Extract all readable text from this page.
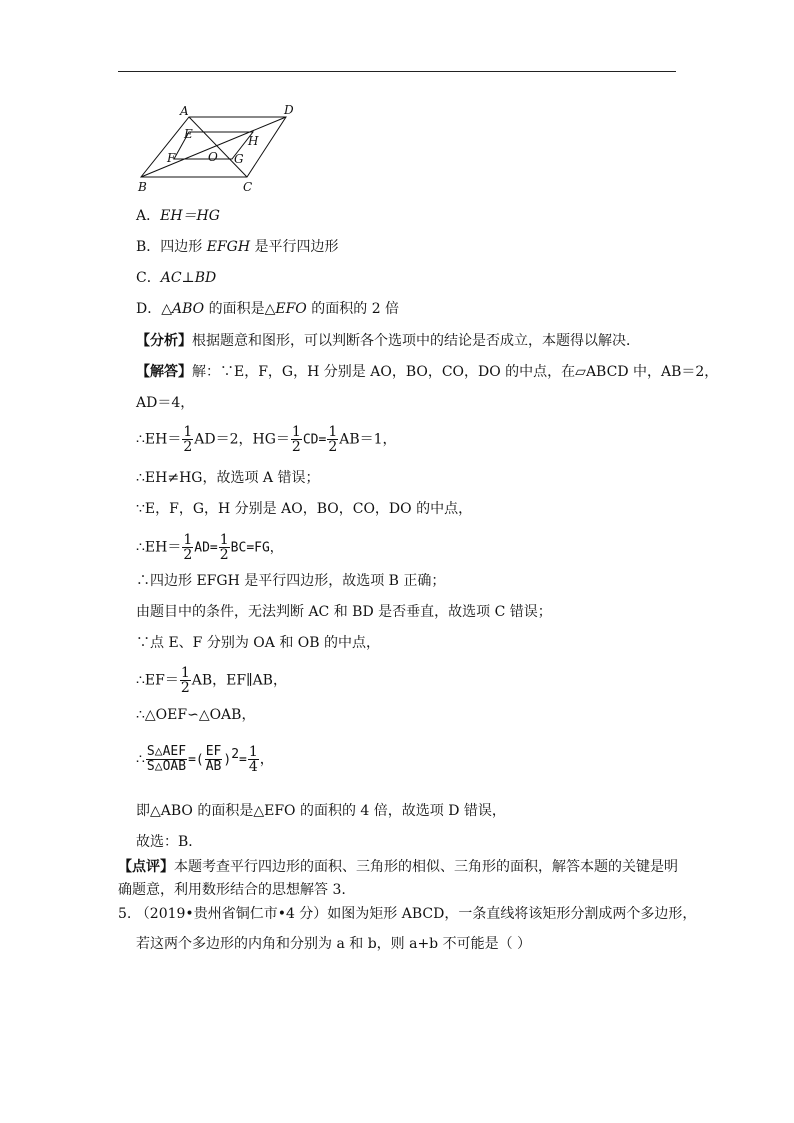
A	D
E	H
F	O G
B	C
A．EH＝HG
B．四边形 EFGH 是平行四边形
C．AC⊥BD
D．△ABO 的面积是△EFO 的面积的 2 倍
【分析】根据题意和图形，可以判断各个选项中的结论是否成立，本题得以解决．
【解答】解：∵E，F，G，H 分别是 AO，BO，CO，DO 的中点，在▱ABCD 中，AB＝2，
AD＝4，
∴EH＝ $\frac{1}{2} AD=2$，$HG= \frac{1}{2} CD= \frac{1}{2} AB=1$，
∴EH≠HG，故选项 A 错误；
∵E，F，G，H 分别是 AO，BO，CO，DO 的中点，
∴EH＝ $\frac{1}{2} AD= \frac{1}{2} BC=FG$，
∴四边形 EFGH 是平行四边形，故选项 B 正确；
由题目中的条件，无法判断 AC 和 BD 是否垂直，故选项 C 错误；
∵点 E、F 分别为 OA 和 OB 的中点，
∴EF＝ $\frac{1}{2}$ AB，EF∥AB，
∴△OEF∽△OAB，
∴ $\frac{\text{S△AEF}}{\text{S△OAB}}$ =( $\frac{EF}{AB} )^2= \frac{1}{4}$ ，
即△ABO 的面积是△EFO 的面积的 4 倍，故选项 D 错误，
故选：B．
【点评】本题考查平行四边形的面积、三角形的相似、三角形的面积，解答本题的关键是明
确题意，利用数形结合的思想解答 3.
5. （2019•贵州省铜仁市•4 分）如图为矩形 ABCD，一条直线将该矩形分割成两个多边形，
若这两个多边形的内角和分别为 a 和 b，则 a+b 不可能是（ ）
